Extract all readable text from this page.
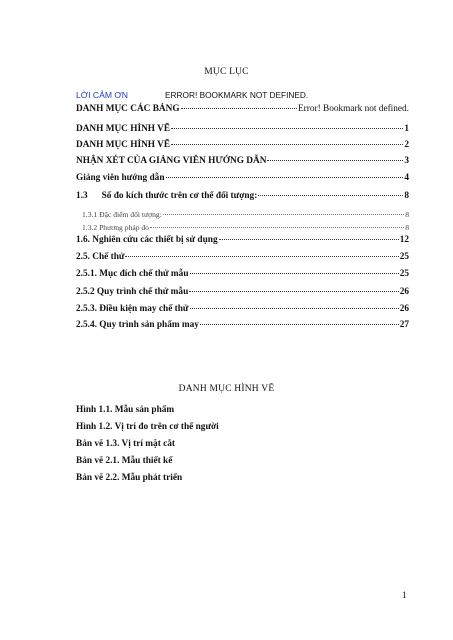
MỤC LỤC
LỜI CẢM ƠN	ERROR! BOOKMARK NOT DEFINED.
DANH MỤC CÁC BẢNG	Error! Bookmark not defined.
DANH MỤC HÌNH VẼ	1
DANH MỤC HÌNH VẼ	2
NHẬN XÉT CỦA GIẢNG VIÊN HƯỚNG DẪN	3
Giảng viên hướng dẫn	4
1.3      Số đo kích thước trên cơ thể đối tượng:	8
1.3.1 Đặc điểm đối tượng:	8
1.3.2 Phương pháp đo	8
1.6. Nghiên cứu các thiết bị sử dụng	12
2.5. Chế thử	25
2.5.1. Mục đích chế thử mẫu	25
2.5.2 Quy trình chế thử mẫu	26
2.5.3. Điều kiện may chế thử	26
2.5.4. Quy trình sản phẩm may	27
DANH MỤC HÌNH VẼ
Hình 1.1. Mẫu sản phẩm
Hình 1.2. Vị trí đo trên cơ thể người
Bản vẽ 1.3. Vị trí mặt cắt
Bản vẽ 2.1. Mẫu thiết kế
Bản vẽ 2.2. Mẫu phát triển
1
